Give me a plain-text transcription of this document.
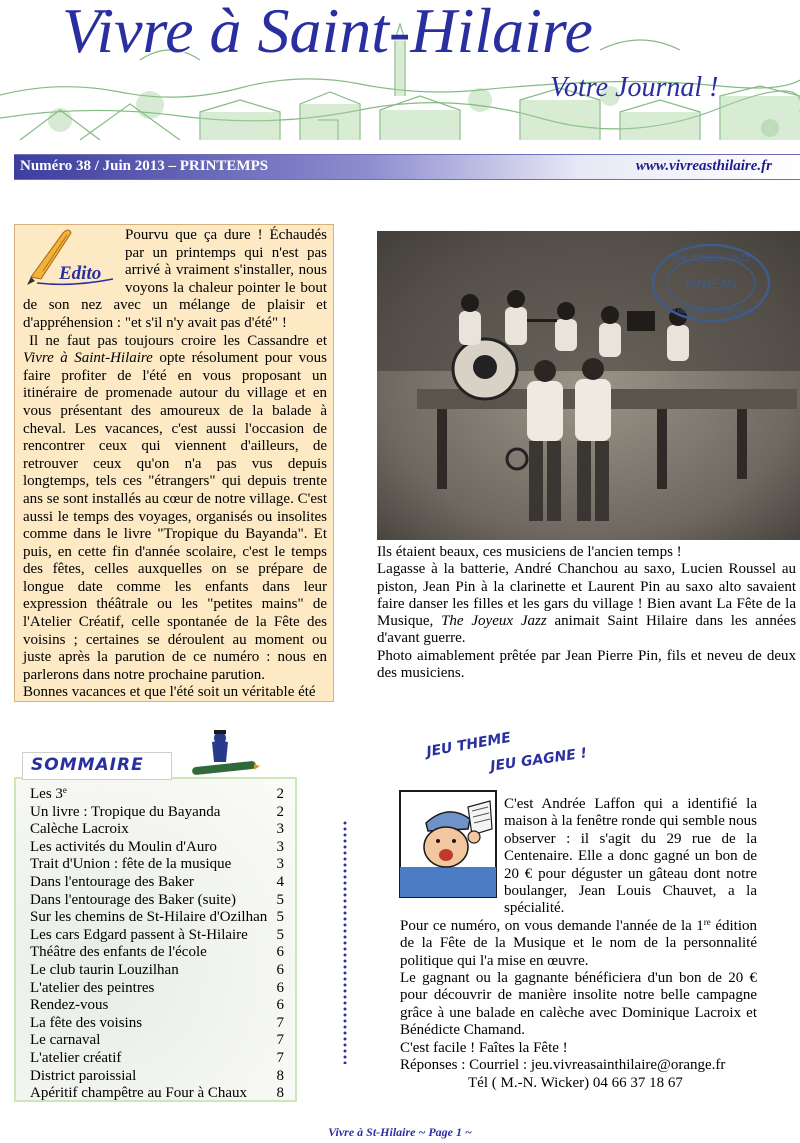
Vivre à Saint-Hilaire
Votre Journal !
Numéro 38 / Juin 2013 – PRINTEMPS	www.vivreasthilaire.fr
Edito

Pourvu que ça dure ! Échaudés par un printemps qui n'est pas arrivé à vraiment s'installer, nous voyons la chaleur pointer le bout de son nez avec un mélange de plaisir et d'appréhension : "et s'il n'y avait pas d'été" !

Il ne faut pas toujours croire les Cassandre et Vivre à Saint-Hilaire opte résolument pour vous faire profiter de l'été en vous proposant un itinéraire de promenade autour du village et en vous présentant des amoureux de la balade à cheval. Les vacances, c'est aussi l'occasion de rencontrer ceux qui viennent d'ailleurs, de retrouver ceux qu'on n'a pas vus depuis longtemps, tels ces "étrangers" qui depuis trente ans se sont installés au cœur de notre village. C'est aussi le temps des voyages, organisés ou insolites comme dans le livre "Tropique du Bayanda". Et puis, en cette fin d'année scolaire, c'est le temps des fêtes, celles auxquelles on se prépare de longue date comme les enfants dans leur expression théâtrale ou les "petites mains" de l'Atelier Créatif, celle spontanée de la Fête des voisins ; certaines se déroulent au moment ou juste après la parution de ce numéro : nous en parlerons dans notre prochaine parution.

Bonnes vacances et que l'été soit un véritable été

The JOYEUX JAZZ
PINJEAN
ST HILAIRE D'OZILHAN (Gard)

Ils étaient beaux, ces musiciens de l'ancien temps !

Lagasse à la batterie, André Chanchou au saxo, Lucien Roussel au piston, Jean Pin à la clarinette et Laurent Pin au saxo alto savaient faire danser les filles et les gars du village ! Bien avant La Fête de la Musique, The Joyeux Jazz animait Saint Hilaire dans les années d'avant guerre.

Photo aimablement prêtée par Jean Pierre Pin, fils et neveu de deux des musiciens.

SOMMAIRE
Les 3e	2
Un livre : Tropique du Bayanda	2
Calèche Lacroix	3
Les activités du Moulin d'Auro	3
Trait d'Union : fête de la musique	3
Dans l'entourage des Baker	4
Dans l'entourage des Baker (suite)	5
Sur les chemins de St-Hilaire d'Ozilhan 5
Les cars Edgard passent à St-Hilaire 5
Théâtre des enfants de l'école	6
Le club taurin Louzilhan	6
L'atelier des peintres	6
Rendez-vous	6
La fête des voisins	7
Le carnaval	7
L'atelier créatif	7
District paroissial	8
Apéritif champêtre au Four à Chaux 8
JEU THEME
JEU GAGNE !

C'est Andrée Laffon qui a identifié la maison à la fenêtre ronde qui semble nous observer : il s'agit du 29 rue de la Centenaire. Elle a donc gagné un bon de 20 € pour déguster un gâteau dont notre boulanger, Jean Louis Chauvet, a la spécialité.

Pour ce numéro, on vous demande l'année de la 1re édition de la Fête de la Musique et le nom de la personnalité politique qui l'a mise en œuvre.

Le gagnant ou la gagnante bénéficiera d'un bon de 20 € pour découvrir de manière insolite notre belle campagne grâce à une balade en calèche avec Dominique Lacroix et Bénédicte Chamand.

C'est facile ! Faîtes la Fête !

Réponses : Courriel : jeu.vivreasainthilaire@orange.fr

Tél ( M.-N. Wicker) 04 66 37 18 67

Vivre à St-Hilaire ~ Page 1 ~
